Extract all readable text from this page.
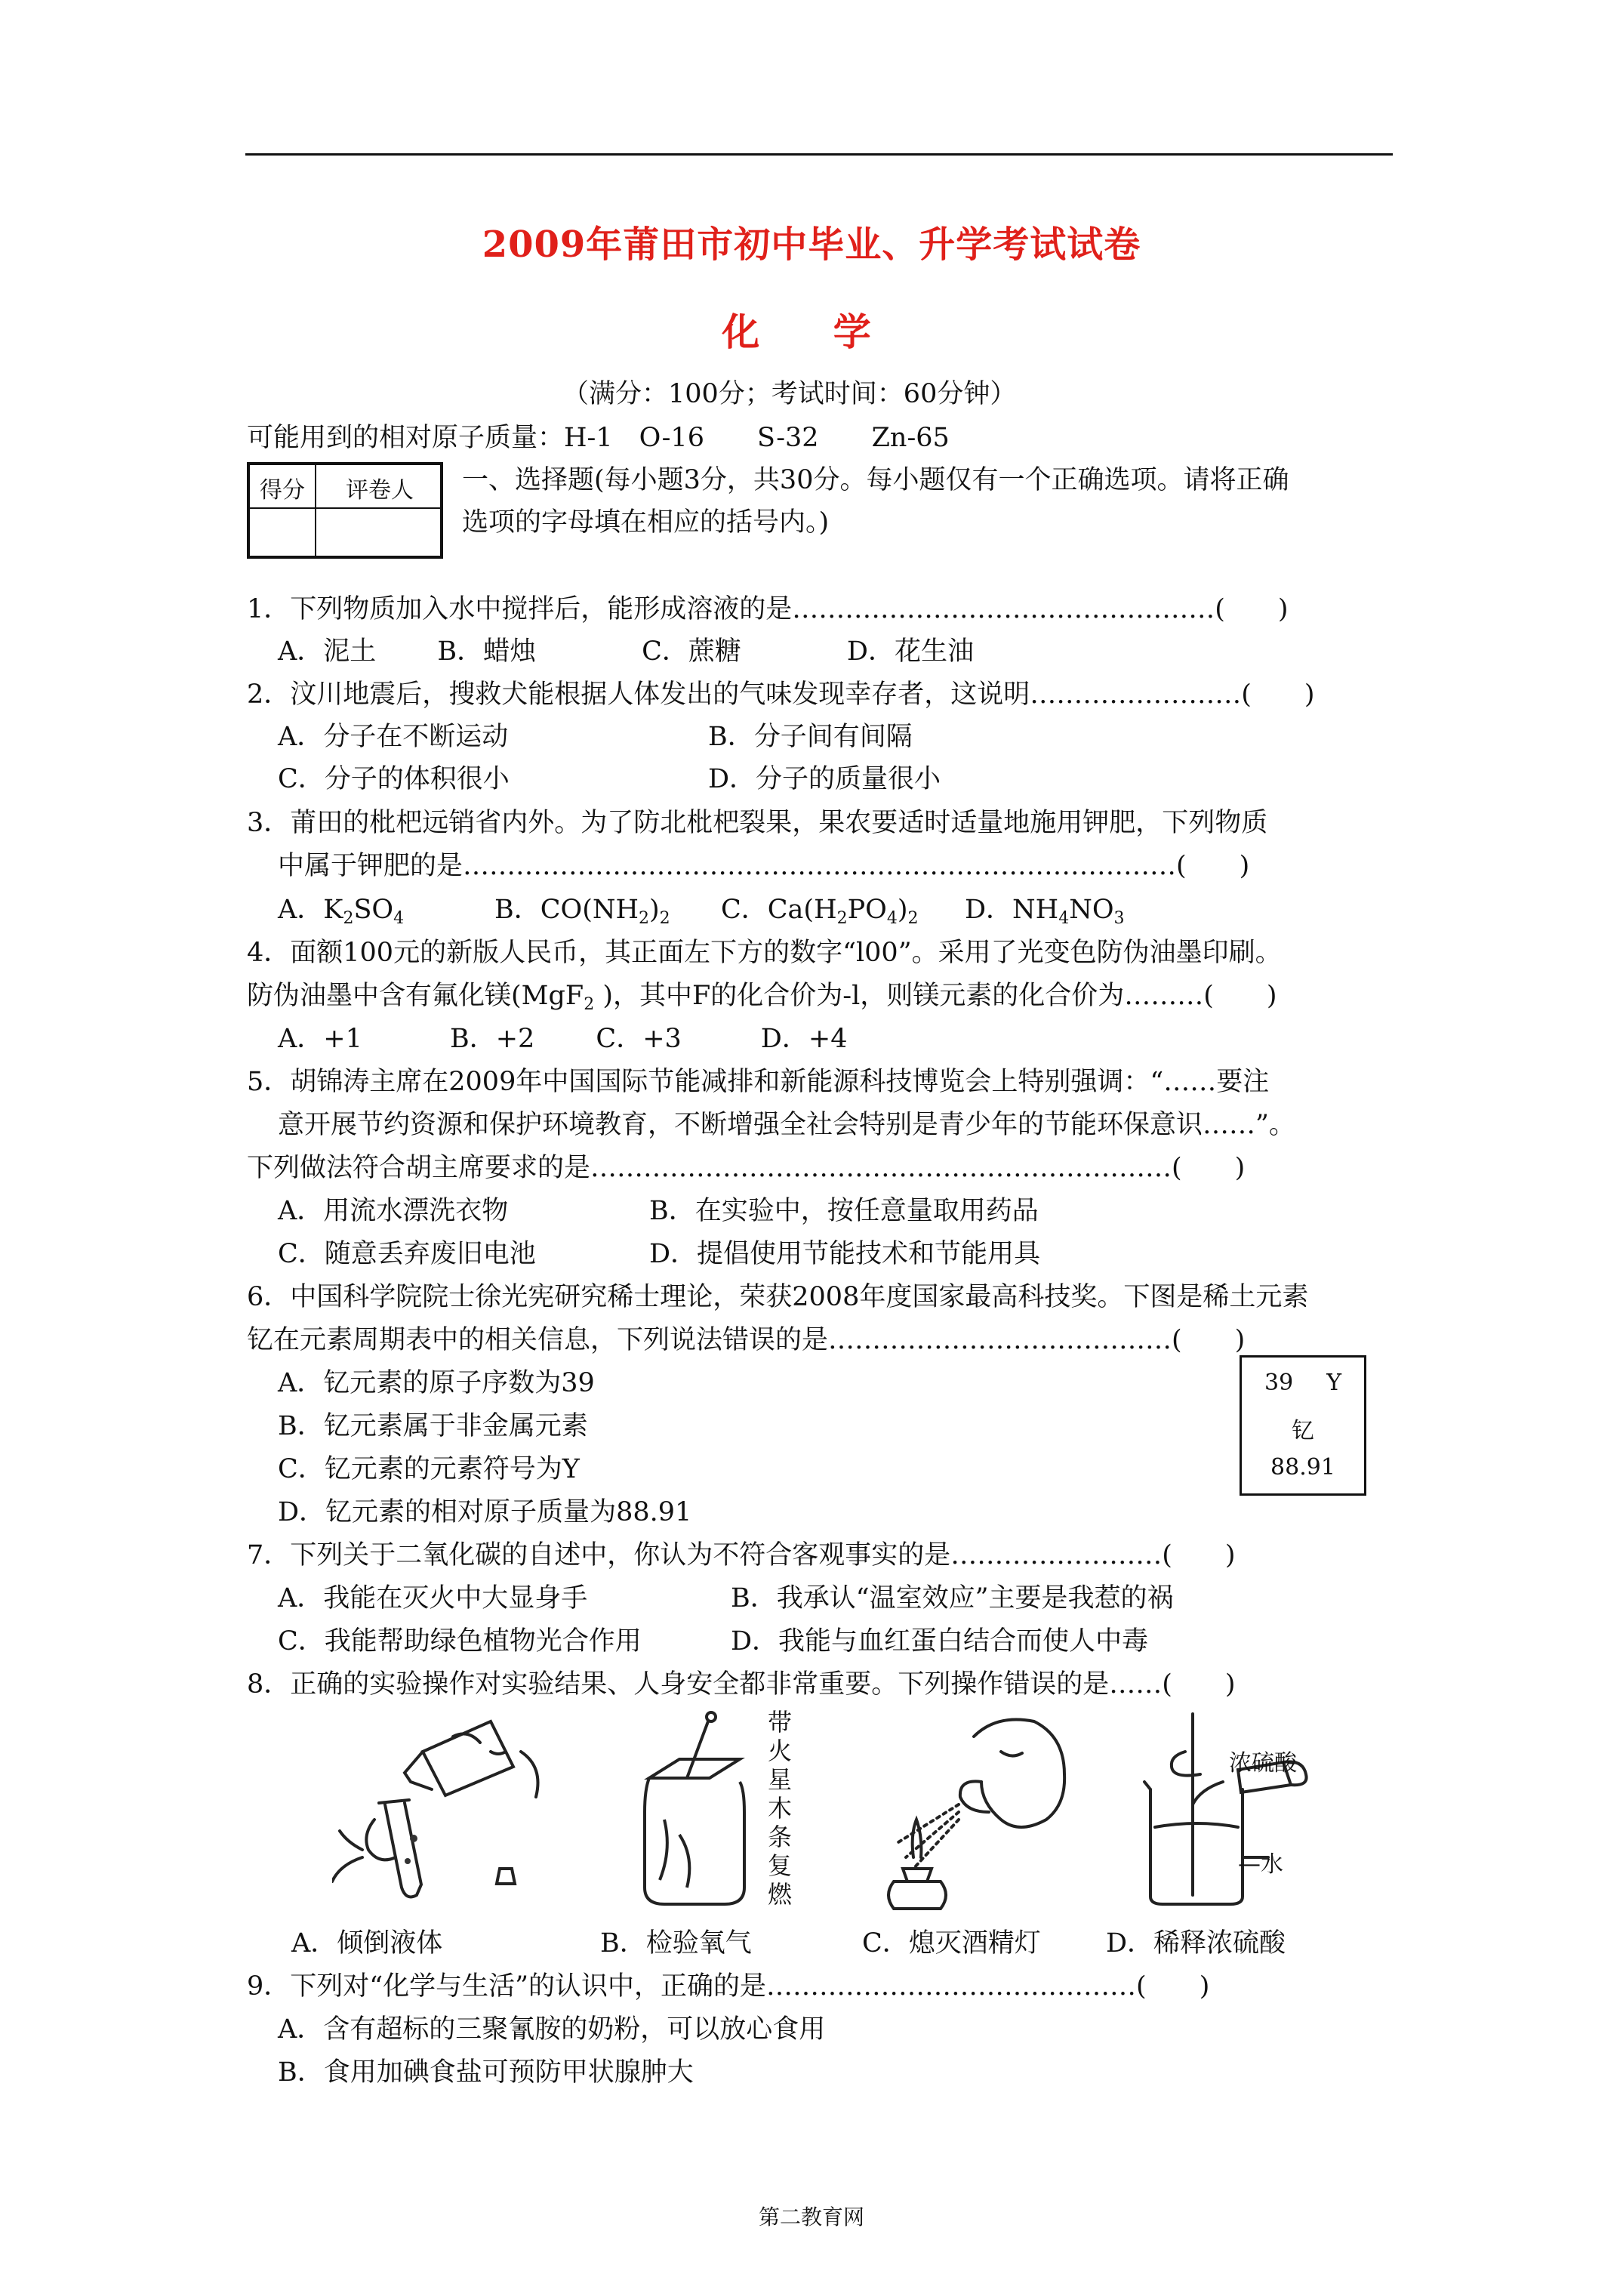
2009年莆田市初中毕业、升学考试试卷
化 学
（满分：100分；考试时间：60分钟）
可能用到的相对原子质量：H-1　O-16　　S-32　　Zn-65
得分	评卷人	一、选择题(每小题3分，共30分。每小题仅有一个正确选项。请将正确
选项的字母填在相应的括号内。)
1．下列物质加入水中搅拌后，能形成溶液的是…………………………………………(　　)
A．泥土　　 B．蜡烛　　　　C．蔗糖　　　　D．花生油
2．汶川地震后，搜救犬能根据人体发出的气味发现幸存者，这说明……………………(　　)
A．分子在不断运动	B．分子间有间隔
C．分子的体积很小	D．分子的质量很小
3．莆田的枇杷远销省内外。为了防北枇杷裂果，果农要适时适量地施用钾肥，下列物质
中属于钾肥的是………………………………………………………………………(　　)
A．$K_2SO_4$	B．$CO(NH_2)_2$ C．$Ca(H_2PO_4)_2$ D．$NH_4NO_3$
4．面额100元的新版人民币，其正面左下方的数字“l00”。采用了光变色防伪油墨印刷。
防伪油墨中含有氟化镁(MgF$_2$ )，其中F的化合价为-l，则镁元素的化合价为………(　　)
A．+1　　　 B．+2　　 C．+3　　　D．+4
5．胡锦涛主席在2009年中国国际节能减排和新能源科技博览会上特别强调：“……要注
意开展节约资源和保护环境教育，不断增强全社会特别是青少年的节能环保意识……”。
下列做法符合胡主席要求的是…………………………………………………………(　　)
A．用流水漂洗衣物	B．在实验中，按任意量取用药品
C．随意丢弃废旧电池	D．提倡使用节能技术和节能用具
6．中国科学院院士徐光宪研究稀士理论，荣获2008年度国家最高科技奖。下图是稀土元素
钇在元素周期表中的相关信息，下列说法错误的是…………………………………(　　)
A．钇元素的原子序数为39
B．钇元素属于非金属元素
C．钇元素的元素符号为Y
D．钇元素的相对原子质量为88.91
39 Y
钇
88.91
7．下列关于二氧化碳的自述中，你认为不符合客观事实的是……………………(　　)
A．我能在灭火中大显身手	B．我承认“温室效应”主要是我惹的祸
C．我能帮助绿色植物光合作用	D．我能与血红蛋白结合而使人中毒
8．正确的实验操作对实验结果、人身安全都非常重要。下列操作错误的是……(　　)
带
火
星
木
条
复
燃
浓硫酸
—水
A．倾倒液体	B．检验氧气	C．熄灭酒精灯 D．稀释浓硫酸
9．下列对“化学与生活”的认识中，正确的是……………………………………(　　)
A．含有超标的三聚氰胺的奶粉，可以放心食用
B．食用加碘食盐可预防甲状腺肿大
第二教育网
